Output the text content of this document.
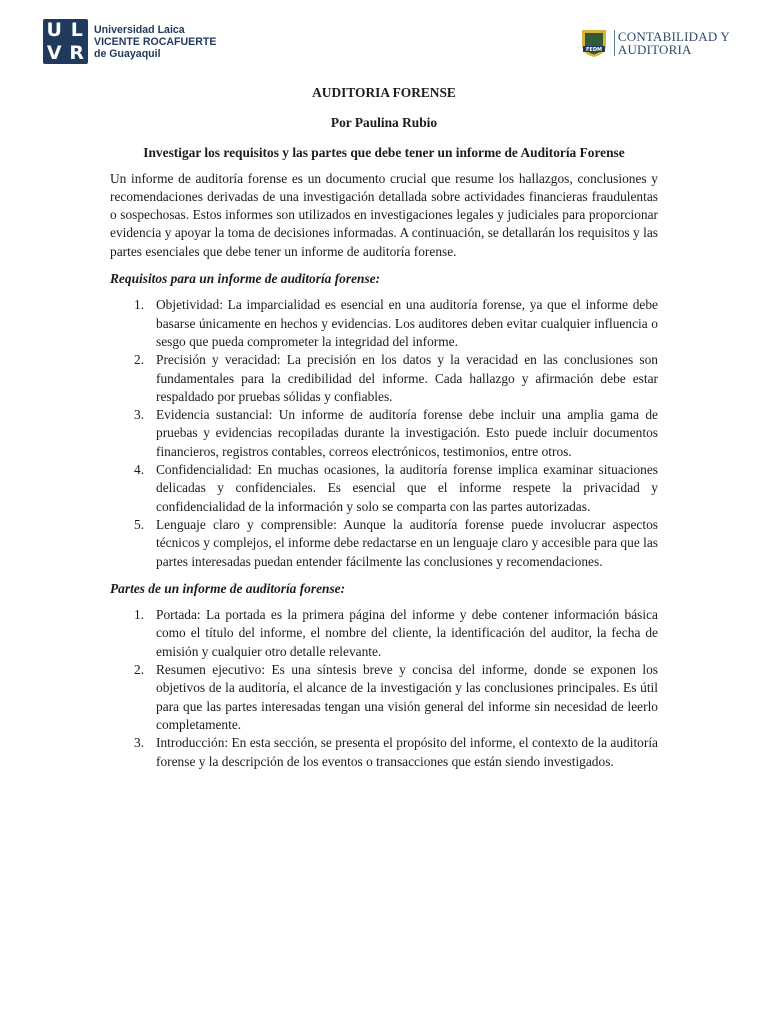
U L
V R
Universidad Laica
VICENTE ROCAFUERTE
de Guayaquil	FEDM
CONTABILIDAD Y
AUDITORIA
AUDITORIA FORENSE
Por Paulina Rubio
Investigar los requisitos y las partes que debe tener un informe de Auditoría Forense

Un informe de auditoría forense es un documento crucial que resume los hallazgos, conclusiones y recomendaciones derivadas de una investigación detallada sobre actividades financieras fraudulentas o sospechosas. Estos informes son utilizados en investigaciones legales y judiciales para proporcionar evidencia y apoyar la toma de decisiones informadas. A continuación, se detallarán los requisitos y las partes esenciales que debe tener un informe de auditoría forense.

Requisitos para un informe de auditoría forense:
1. Objetividad: La imparcialidad es esencial en una auditoría forense, ya que el informe debe basarse únicamente en hechos y evidencias. Los auditores deben evitar cualquier influencia o sesgo que pueda comprometer la integridad del informe.
2. Precisión y veracidad: La precisión en los datos y la veracidad en las conclusiones son fundamentales para la credibilidad del informe. Cada hallazgo y afirmación debe estar respaldado por pruebas sólidas y confiables.
3. Evidencia sustancial: Un informe de auditoría forense debe incluir una amplia gama de pruebas y evidencias recopiladas durante la investigación. Esto puede incluir documentos financieros, registros contables, correos electrónicos, testimonios, entre otros.
4. Confidencialidad: En muchas ocasiones, la auditoría forense implica examinar situaciones delicadas y confidenciales. Es esencial que el informe respete la privacidad y confidencialidad de la información y solo se comparta con las partes autorizadas.
5. Lenguaje claro y comprensible: Aunque la auditoría forense puede involucrar aspectos técnicos y complejos, el informe debe redactarse en un lenguaje claro y accesible para que las partes interesadas puedan entender fácilmente las conclusiones y recomendaciones.
Partes de un informe de auditoría forense:
1. Portada: La portada es la primera página del informe y debe contener información básica como el título del informe, el nombre del cliente, la identificación del auditor, la fecha de emisión y cualquier otro detalle relevante.
2. Resumen ejecutivo: Es una síntesis breve y concisa del informe, donde se exponen los objetivos de la auditoría, el alcance de la investigación y las conclusiones principales. Es útil para que las partes interesadas tengan una visión general del informe sin necesidad de leerlo completamente.
3. Introducción: En esta sección, se presenta el propósito del informe, el contexto de la auditoría forense y la descripción de los eventos o transacciones que están siendo investigados.
